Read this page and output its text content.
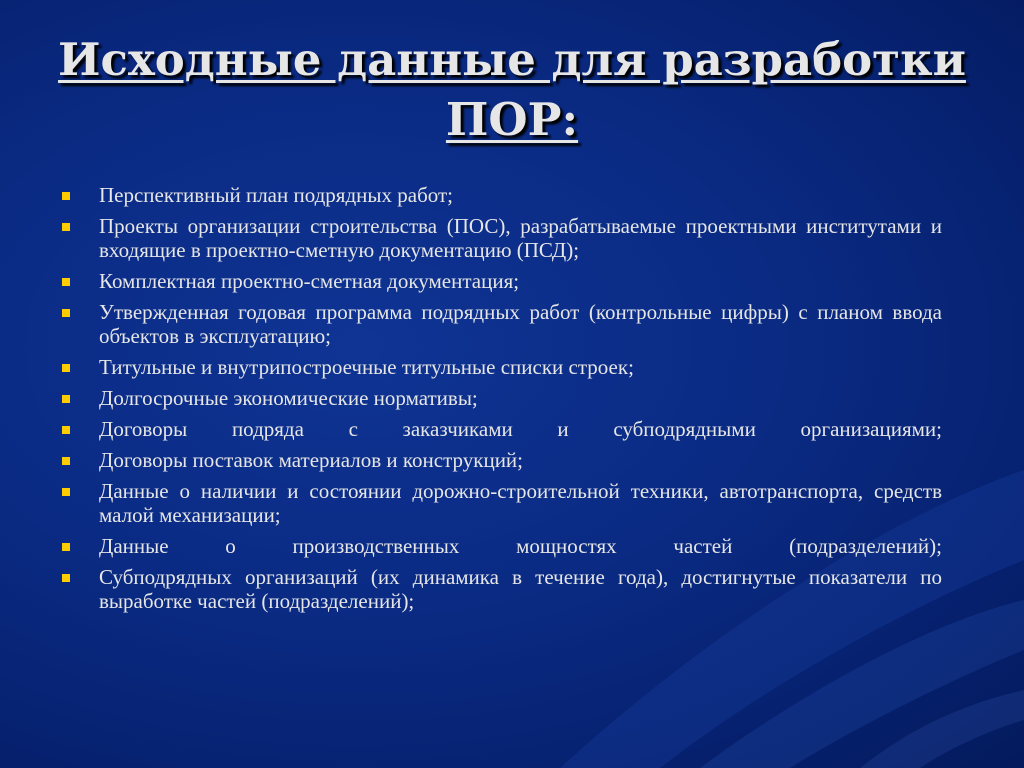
Исходные данные для разработки
ПОР:
Перспективный план подрядных работ;
Проекты организации строительства (ПОС), разрабатываемые проектными институтами и входящие в проектно-сметную документацию (ПСД);
Комплектная проектно-сметная документация;
Утвержденная годовая программа подрядных работ (контрольные цифры) с планом ввода объектов в эксплуатацию;
Титульные и внутрипостроечные титульные списки строек;
Долгосрочные экономические нормативы;
Договоры подряда с заказчиками и субподрядными организациями;
Договоры поставок материалов и конструкций;
Данные о наличии и состоянии дорожно-строительной техники, автотранспорта, средств малой механизации;
Данные о производственных мощностях частей (подразделений);
Субподрядных организаций (их динамика в течение года), достигнутые показатели по выработке частей (подразделений);
